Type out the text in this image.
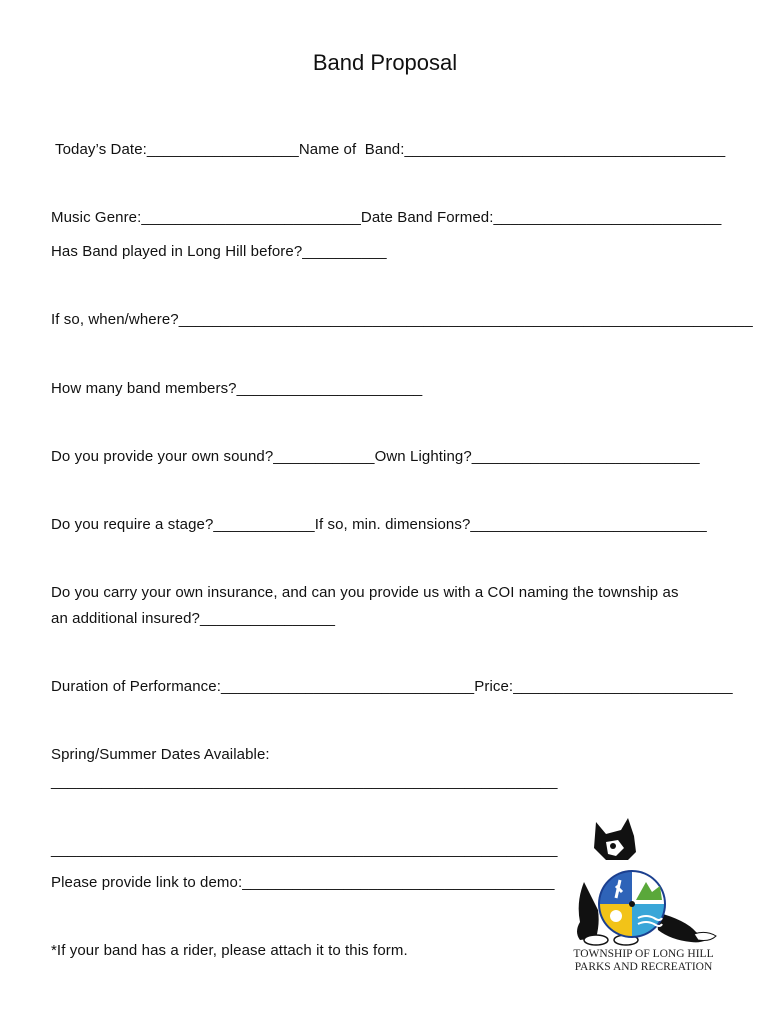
Band Proposal
Today’s Date:__________________Name of  Band:______________________________________
Music Genre:__________________________Date Band Formed:___________________________
Has Band played in Long Hill before?__________
If so, when/where?____________________________________________________________________
How many band members?______________________
Do you provide your own sound?____________Own Lighting?___________________________
Do you require a stage?____________If so, min. dimensions?____________________________
Do you carry your own insurance, and can you provide us with a COI naming the township as
an additional insured?________________
Duration of Performance:______________________________Price:__________________________
Spring/Summer Dates Available:
____________________________________________________________
____________________________________________________________
Please provide link to demo:_____________________________________
*If your band has a rider, please attach it to this form.	TOWNSHIP OF LONG HILL
PARKS AND RECREATION
